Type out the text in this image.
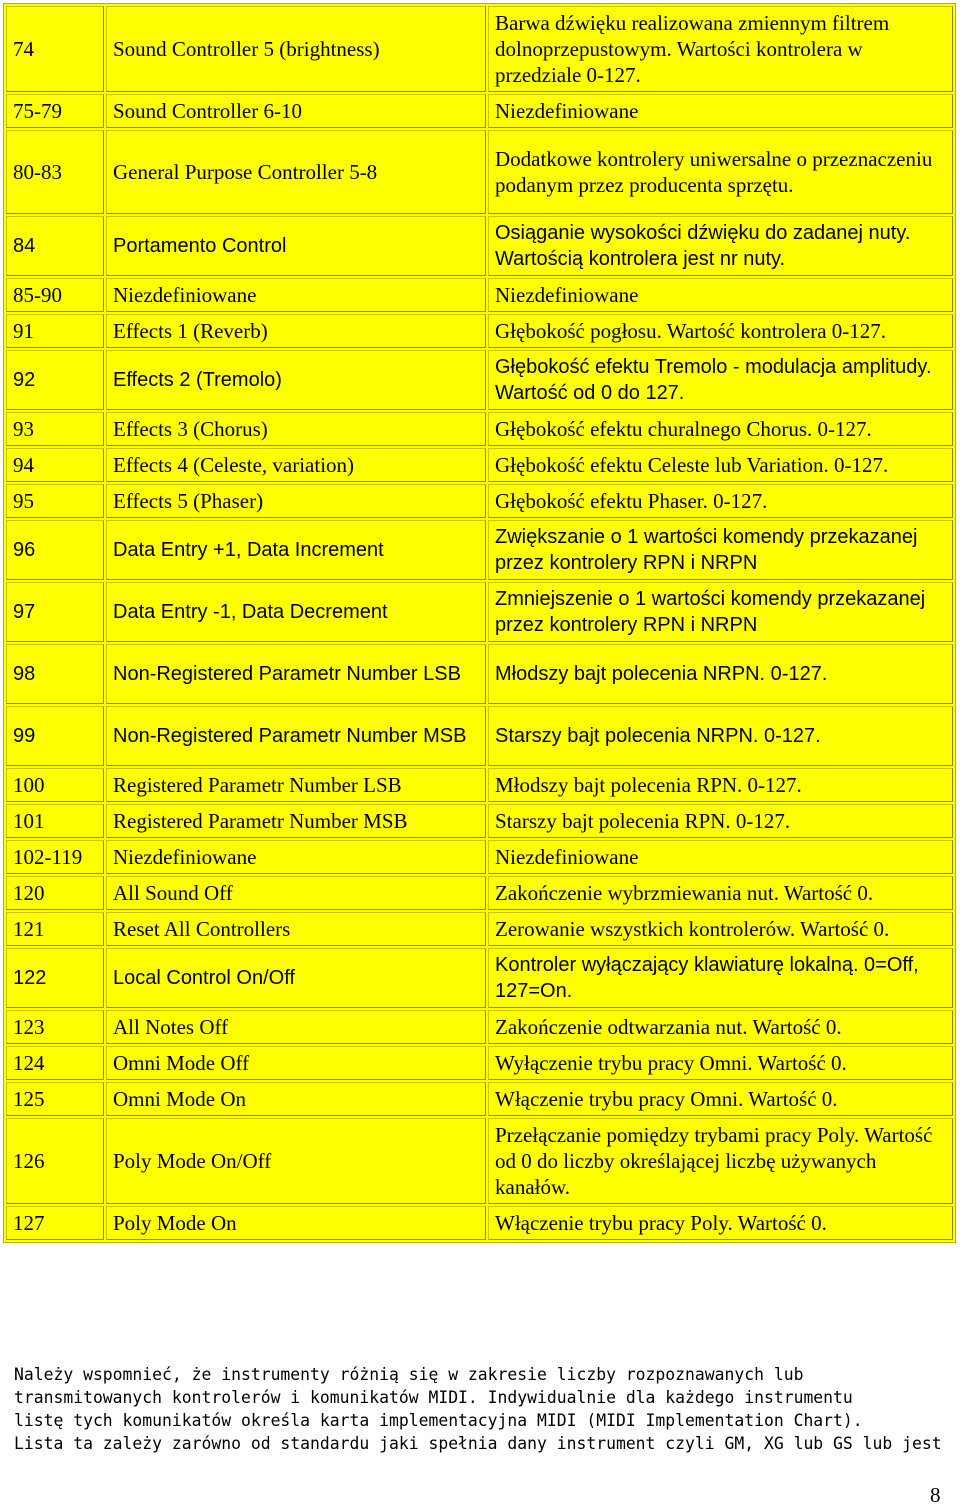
74	Sound Controller 5 (brightness)	Barwa dźwięku realizowana zmiennym filtrem dolnoprzepustowym. Wartości kontrolera w przedziale 0-127.
75-79	Sound Controller 6-10	Niezdefiniowane
80-83	General Purpose Controller 5-8	Dodatkowe kontrolery uniwersalne o przeznaczeniu podanym przez producenta sprzętu.
84	Portamento Control	Osiąganie wysokości dźwięku do zadanej nuty. Wartością kontrolera jest nr nuty.
85-90	Niezdefiniowane	Niezdefiniowane
91	Effects 1 (Reverb)	Głębokość pogłosu. Wartość kontrolera 0-127.
92	Effects 2 (Tremolo)	Głębokość efektu Tremolo - modulacja amplitudy. Wartość od 0 do 127.
93	Effects 3 (Chorus)	Głębokość efektu churalnego Chorus. 0-127.
94	Effects 4 (Celeste, variation)	Głębokość efektu Celeste lub Variation. 0-127.
95	Effects 5 (Phaser)	Głębokość efektu Phaser. 0-127.
96	Data Entry +1, Data Increment	Zwiększanie o 1 wartości komendy przekazanej przez kontrolery RPN i NRPN
97	Data Entry -1, Data Decrement	Zmniejszenie o 1 wartości komendy przekazanej przez kontrolery RPN i NRPN
98	Non-Registered Parametr Number LSB	Młodszy bajt polecenia NRPN. 0-127.
99	Non-Registered Parametr Number MSB	Starszy bajt polecenia NRPN. 0-127.
100	Registered Parametr Number LSB	Młodszy bajt polecenia RPN. 0-127.
101	Registered Parametr Number MSB	Starszy bajt polecenia RPN. 0-127.
102-119	Niezdefiniowane	Niezdefiniowane
120	All Sound Off	Zakończenie wybrzmiewania nut. Wartość 0.
121	Reset All Controllers	Zerowanie wszystkich kontrolerów. Wartość 0.
122	Local Control On/Off	Kontroler wyłączający klawiaturę lokalną. 0=Off, 127=On.
123	All Notes Off	Zakończenie odtwarzania nut. Wartość 0.
124	Omni Mode Off	Wyłączenie trybu pracy Omni. Wartość 0.
125	Omni Mode On	Włączenie trybu pracy Omni. Wartość 0.
126	Poly Mode On/Off	Przełączanie pomiędzy trybami pracy Poly. Wartość od 0 do liczby określającej liczbę używanych kanałów.
127	Poly Mode On	Włączenie trybu pracy Poly. Wartość 0.
Należy wspomnieć, że instrumenty różnią się w zakresie liczby rozpoznawanych lub
transmitowanych kontrolerów i komunikatów MIDI. Indywidualnie dla każdego instrumentu
listę tych komunikatów określa karta implementacyjna MIDI (MIDI Implementation Chart).
Lista ta zależy zarówno od standardu jaki spełnia dany instrument czyli GM, XG lub GS lub jest
8
